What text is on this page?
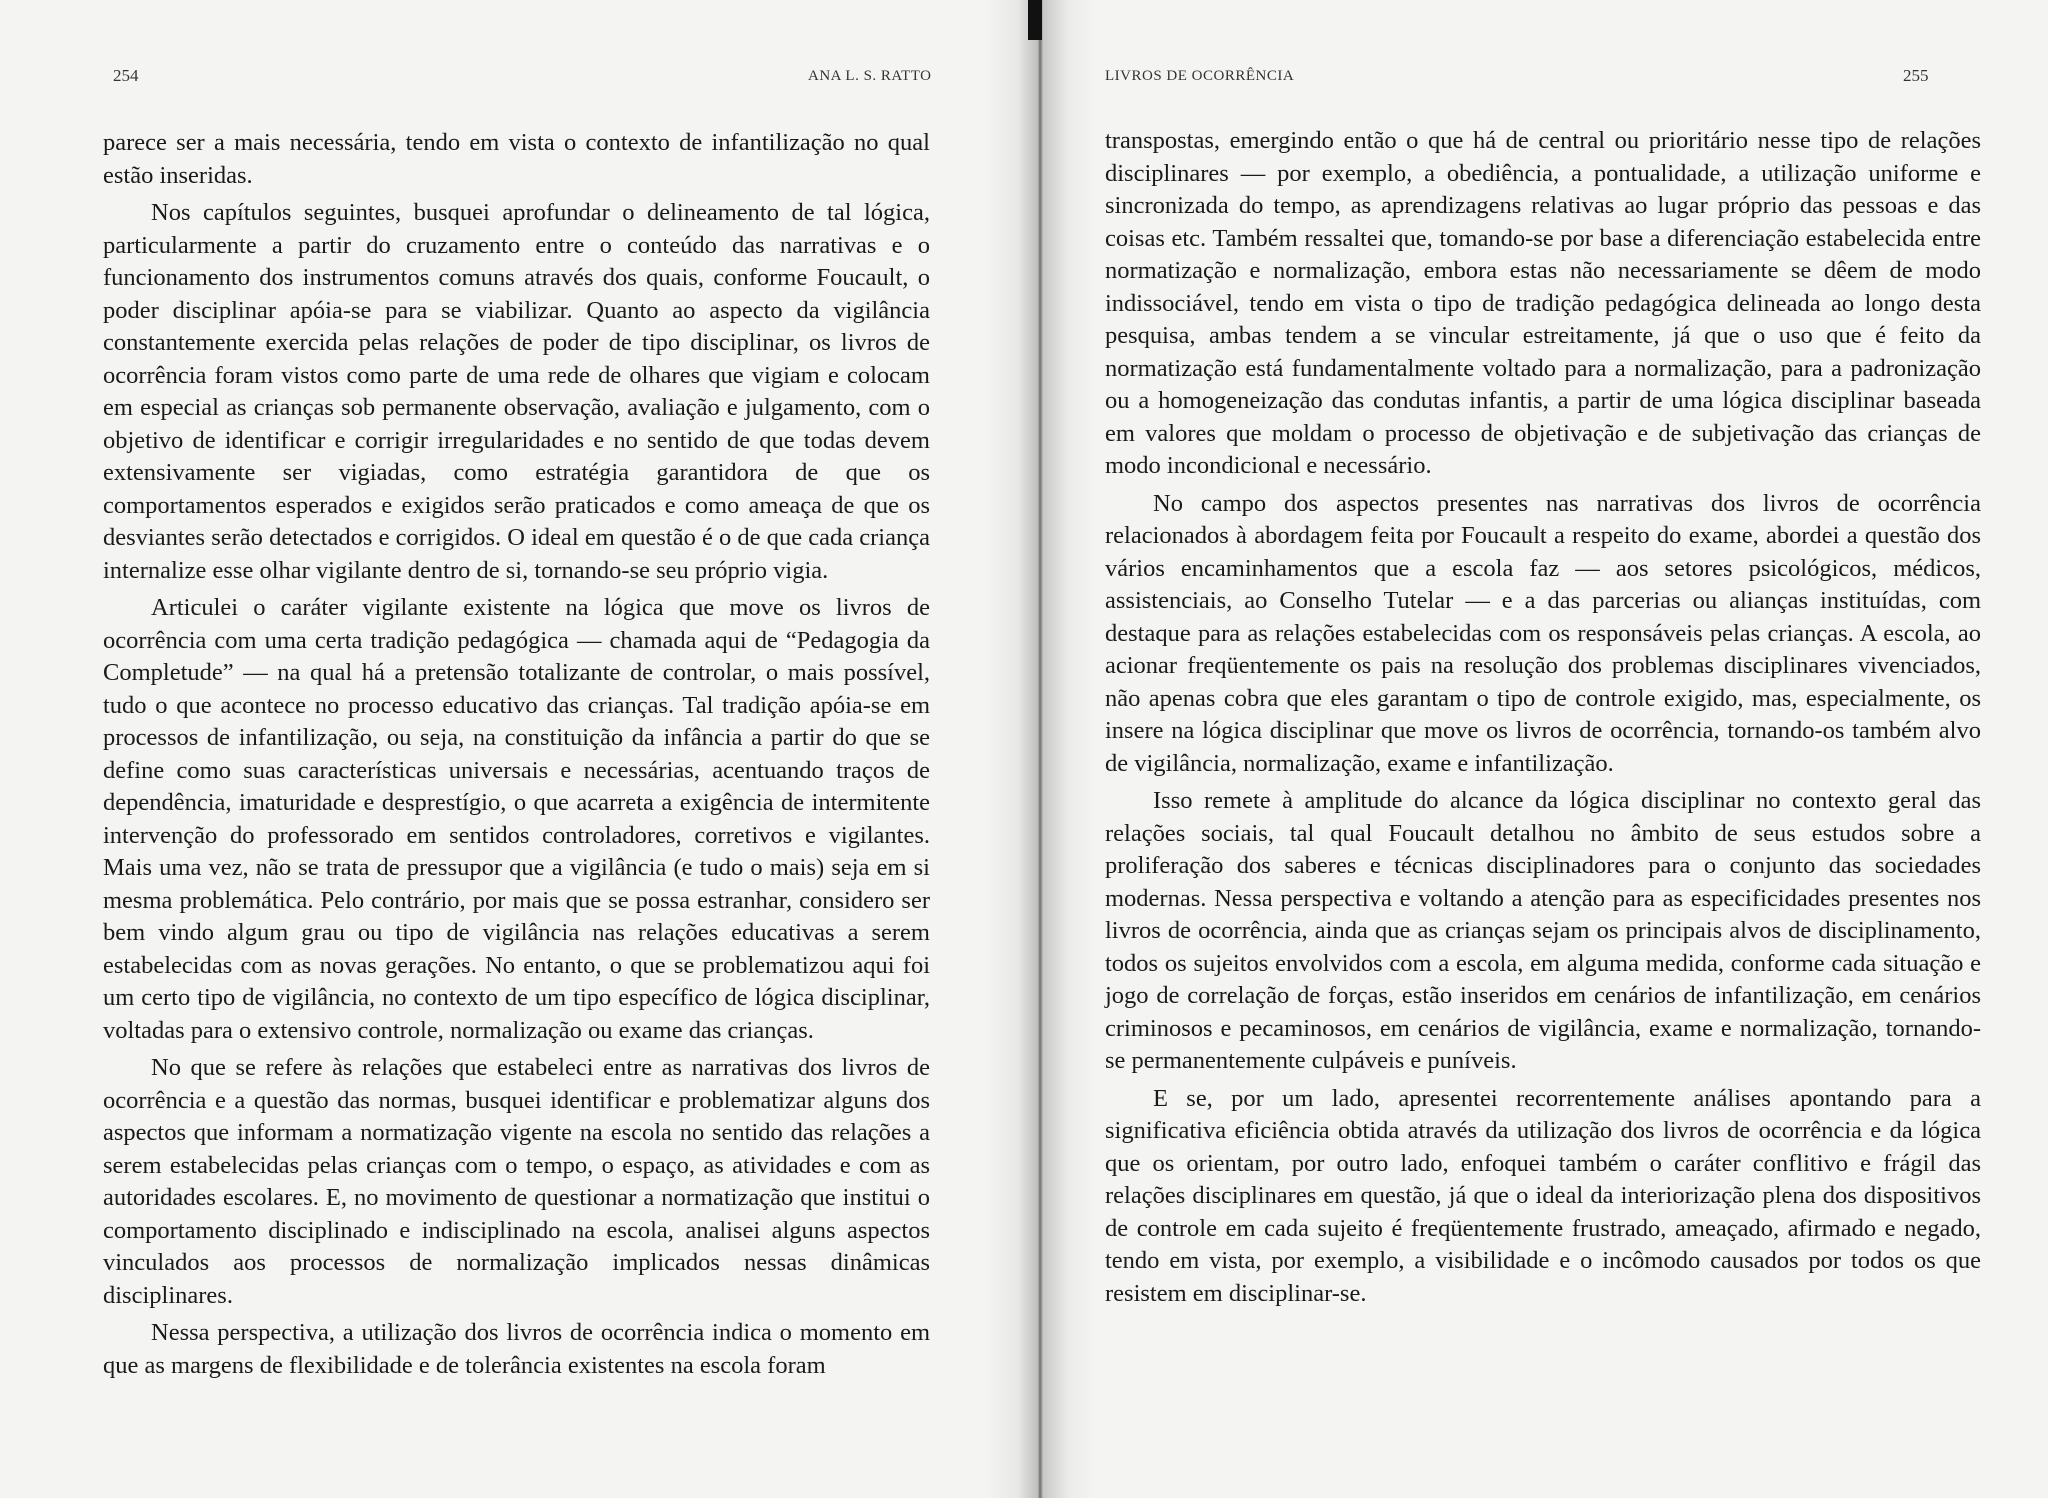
254	ANA L. S. RATTO

parece ser a mais necessária, tendo em vista o contexto de infantilização no qual estão inseridas.

Nos capítulos seguintes, busquei aprofundar o delineamento de tal lógica, particularmente a partir do cruzamento entre o conteúdo das narrativas e o funcionamento dos instrumentos comuns através dos quais, conforme Foucault, o poder disciplinar apóia-se para se viabilizar. Quanto ao aspecto da vigilância constantemente exercida pelas relações de poder de tipo disciplinar, os livros de ocorrência foram vistos como parte de uma rede de olhares que vigiam e colocam em especial as crianças sob permanente observação, avaliação e julgamento, com o objetivo de identificar e corrigir irregularidades e no sentido de que todas devem extensivamente ser vigiadas, como estratégia garantidora de que os comportamentos esperados e exigidos serão praticados e como ameaça de que os desviantes serão detectados e corrigidos. O ideal em questão é o de que cada criança internalize esse olhar vigilante dentro de si, tornando-se seu próprio vigia.

Articulei o caráter vigilante existente na lógica que move os livros de ocorrência com uma certa tradição pedagógica — chamada aqui de “Pedagogia da Completude” — na qual há a pretensão totalizante de controlar, o mais possível, tudo o que acontece no processo educativo das crianças. Tal tradição apóia-se em processos de infantilização, ou seja, na constituição da infância a partir do que se define como suas características universais e necessárias, acentuando traços de dependência, imaturidade e desprestígio, o que acarreta a exigência de intermitente intervenção do professorado em sentidos controladores, corretivos e vigilantes. Mais uma vez, não se trata de pressupor que a vigilância (e tudo o mais) seja em si mesma problemática. Pelo contrário, por mais que se possa estranhar, considero ser bem vindo algum grau ou tipo de vigilância nas relações educativas a serem estabelecidas com as novas gerações. No entanto, o que se problematizou aqui foi um certo tipo de vigilância, no contexto de um tipo específico de lógica disciplinar, voltadas para o extensivo controle, normalização ou exame das crianças.

No que se refere às relações que estabeleci entre as narrativas dos livros de ocorrência e a questão das normas, busquei identificar e problematizar alguns dos aspectos que informam a normatização vigente na escola no sentido das relações a serem estabelecidas pelas crianças com o tempo, o espaço, as atividades e com as autoridades escolares. E, no movimento de questionar a normatização que institui o comportamento disciplinado e indisciplinado na escola, analisei alguns aspectos vinculados aos processos de normalização implicados nessas dinâmicas disciplinares.

Nessa perspectiva, a utilização dos livros de ocorrência indica o momento em que as margens de flexibilidade e de tolerância existentes na escola foram

LIVROS DE OCORRÊNCIA	255

transpostas, emergindo então o que há de central ou prioritário nesse tipo de relações disciplinares — por exemplo, a obediência, a pontualidade, a utilização uniforme e sincronizada do tempo, as aprendizagens relativas ao lugar próprio das pessoas e das coisas etc. Também ressaltei que, tomando-se por base a diferenciação estabelecida entre normatização e normalização, embora estas não necessariamente se dêem de modo indissociável, tendo em vista o tipo de tradição pedagógica delineada ao longo desta pesquisa, ambas tendem a se vincular estreitamente, já que o uso que é feito da normatização está fundamentalmente voltado para a normalização, para a padronização ou a homogeneização das condutas infantis, a partir de uma lógica disciplinar baseada em valores que moldam o processo de objetivação e de subjetivação das crianças de modo incondicional e necessário.

No campo dos aspectos presentes nas narrativas dos livros de ocorrência relacionados à abordagem feita por Foucault a respeito do exame, abordei a questão dos vários encaminhamentos que a escola faz — aos setores psicológicos, médicos, assistenciais, ao Conselho Tutelar — e a das parcerias ou alianças instituídas, com destaque para as relações estabelecidas com os responsáveis pelas crianças. A escola, ao acionar freqüentemente os pais na resolução dos problemas disciplinares vivenciados, não apenas cobra que eles garantam o tipo de controle exigido, mas, especialmente, os insere na lógica disciplinar que move os livros de ocorrência, tornando-os também alvo de vigilância, normalização, exame e infantilização.

Isso remete à amplitude do alcance da lógica disciplinar no contexto geral das relações sociais, tal qual Foucault detalhou no âmbito de seus estudos sobre a proliferação dos saberes e técnicas disciplinadores para o conjunto das sociedades modernas. Nessa perspectiva e voltando a atenção para as especificidades presentes nos livros de ocorrência, ainda que as crianças sejam os principais alvos de disciplinamento, todos os sujeitos envolvidos com a escola, em alguma medida, conforme cada situação e jogo de correlação de forças, estão inseridos em cenários de infantilização, em cenários criminosos e pecaminosos, em cenários de vigilância, exame e normalização, tornando-se permanentemente culpáveis e puníveis.

E se, por um lado, apresentei recorrentemente análises apontando para a significativa eficiência obtida através da utilização dos livros de ocorrência e da lógica que os orientam, por outro lado, enfoquei também o caráter conflitivo e frágil das relações disciplinares em questão, já que o ideal da interiorização plena dos dispositivos de controle em cada sujeito é freqüentemente frustrado, ameaçado, afirmado e negado, tendo em vista, por exemplo, a visibilidade e o incômodo causados por todos os que resistem em disciplinar-se.
